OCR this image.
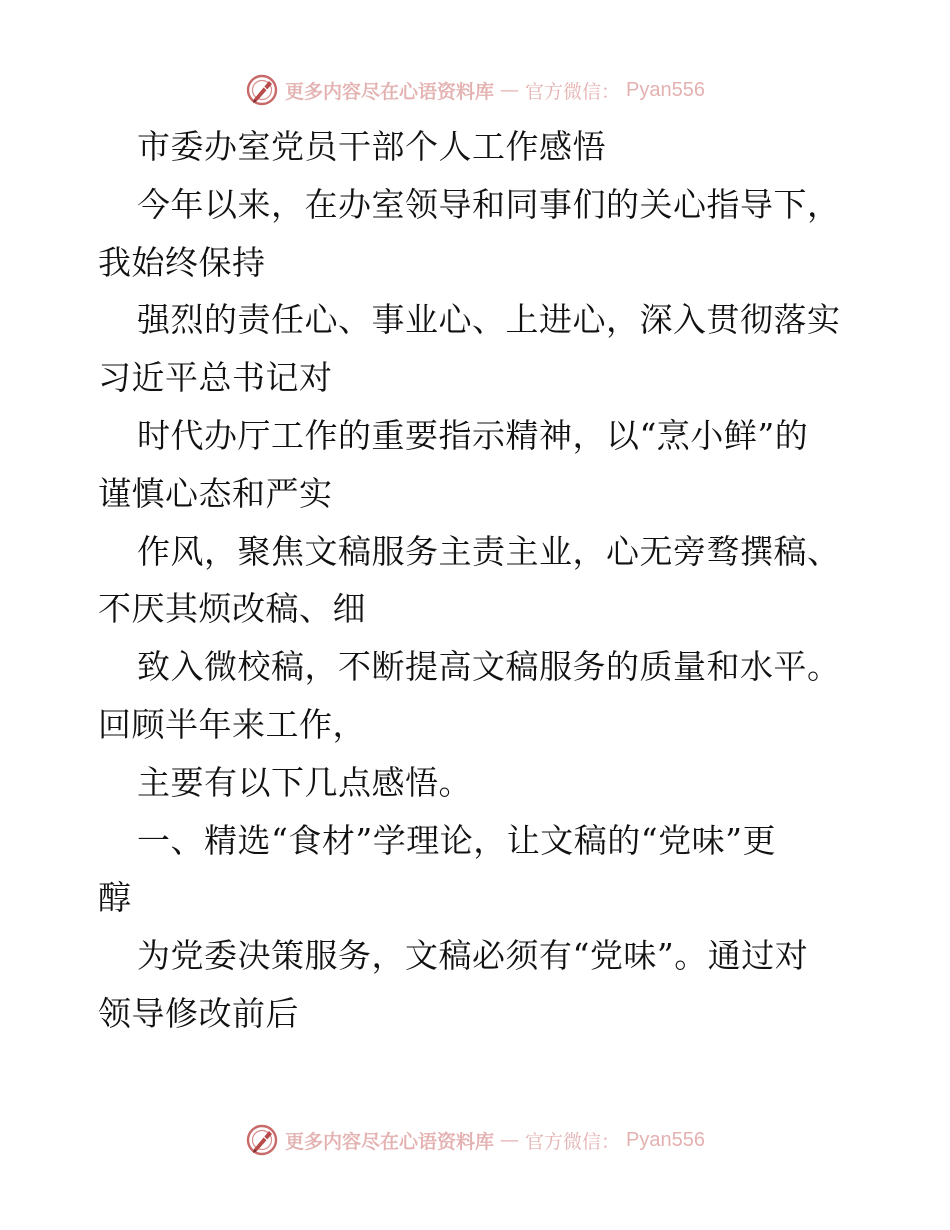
更多内容尽在心语资料库 — 官方微信： Pyan556
市委办室党员干部个人工作感悟
今年以来，在办室领导和同事们的关心指导下，
我始终保持
强烈的责任心、事业心、上进心，深入贯彻落实
习近平总书记对
时代办厅工作的重要指示精神，以“烹小鲜”的
谨慎心态和严实
作风，聚焦文稿服务主责主业，心无旁骛撰稿、
不厌其烦改稿、细
致入微校稿，不断提高文稿服务的质量和水平。
回顾半年来工作，
主要有以下几点感悟。
一、精选“食材”学理论，让文稿的“党味”更
醇
为党委决策服务，文稿必须有“党味”。通过对
领导修改前后
更多内容尽在心语资料库 — 官方微信： Pyan556
